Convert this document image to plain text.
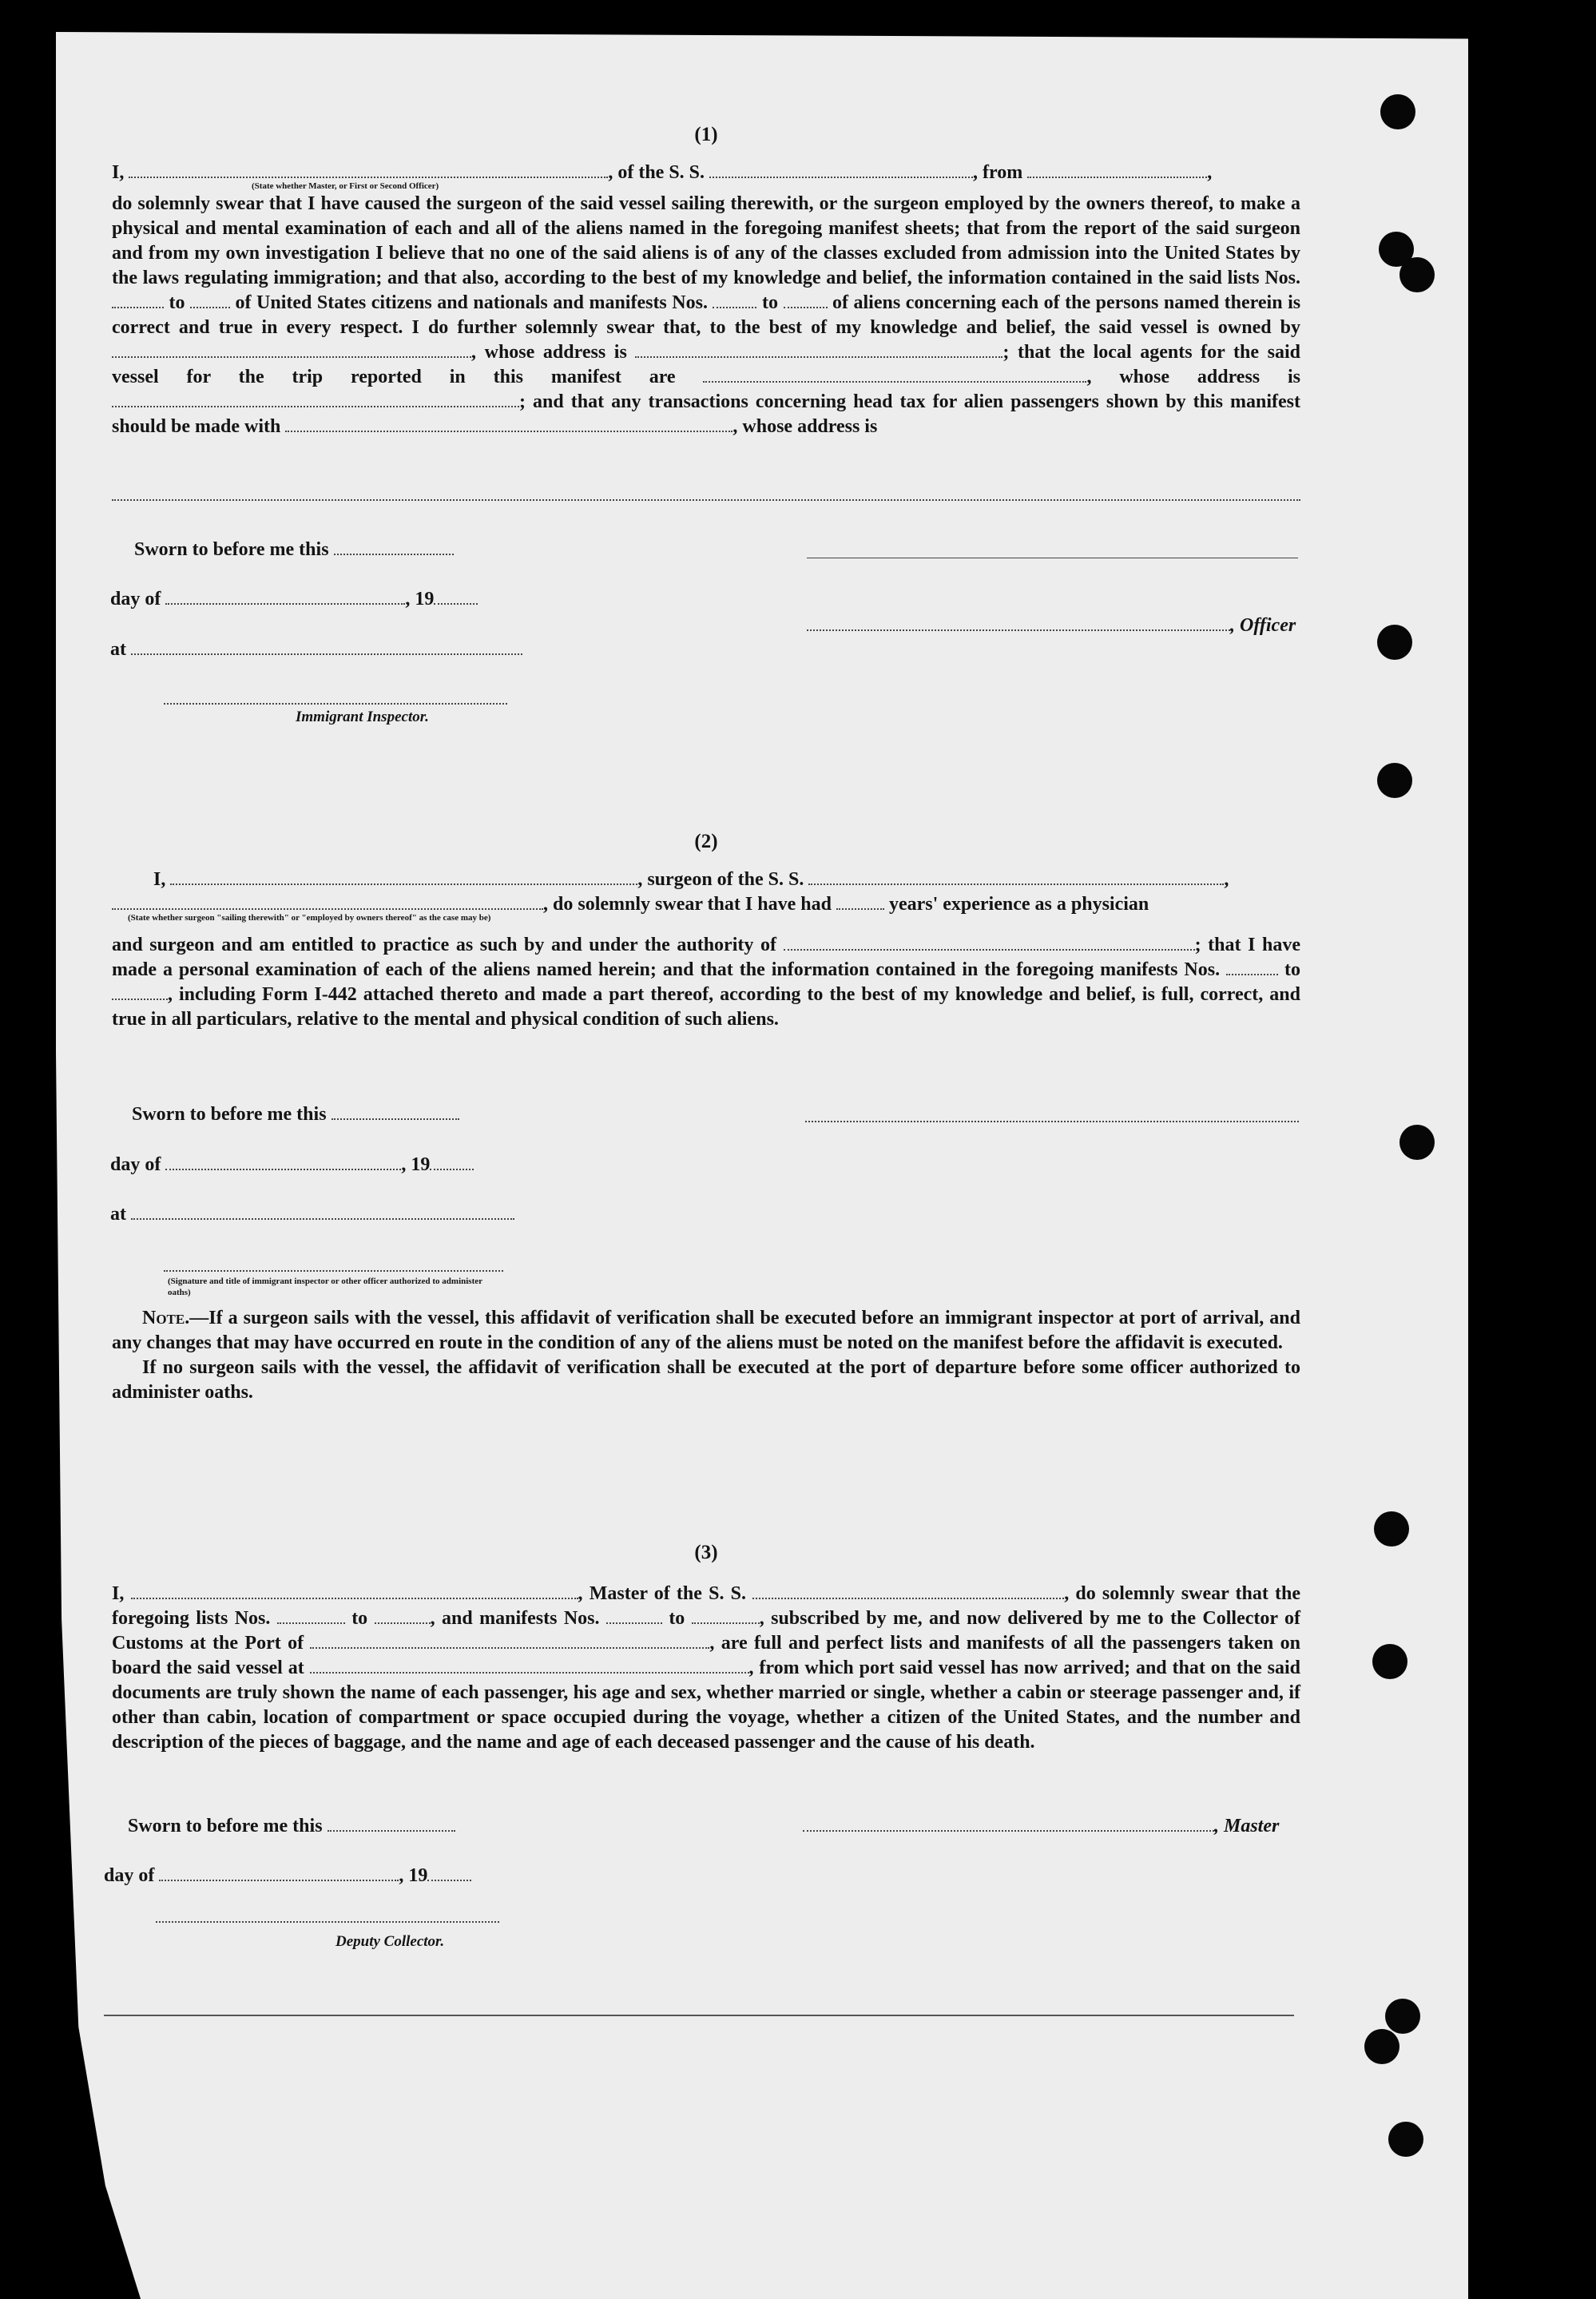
(1)

I,	, of the S. S.	, from	,

(State whether Master, or First or Second Officer)

do solemnly swear that I have caused the surgeon of the said vessel sailing therewith, or the surgeon employed by the owners thereof, to make a physical and mental examination of each and all of the aliens named in the foregoing manifest sheets; that from the report of the said surgeon and from my own investigation I believe that no one of the said aliens is of any of the classes excluded from admission into the United States by the laws regulating immigration; and that also, according to the best of my knowledge and belief, the information contained in the said lists Nos.  to	of United States citizens and nationals and manifests Nos.	to	of aliens concerning each of the persons named therein is correct and true in every respect. I do further solemnly swear that, to the best of my knowledge and belief, the said vessel is owned by , whose address is	; that the local agents for the said vessel for the trip reported in this manifest are	, whose address is ; and that any transactions concerning head tax for alien passengers shown by this manifest should be made with	, whose address is

Sworn to before me this
day of	, 19
at
Immigrant Inspector.
, Officer
(2)

I,	, surgeon of the S. S.	,

, do solemnly swear that I have had	years' experience as a physician

(State whether surgeon "sailing therewith" or "employed by owners thereof" as the case may be)

and surgeon and am entitled to practice as such by and under the authority of	; that I have made a personal examination of each of the aliens named herein; and that the information contained in the foregoing manifests Nos.	to , including Form I-442 attached thereto and made a part thereof, according to the best of my knowledge and belief, is full, correct, and true in all particulars, relative to the mental and physical condition of such aliens.

Sworn to before me this
day of	, 19
at
(Signature and title of immigrant inspector or other officer authorized to administer oaths)

Note.—If a surgeon sails with the vessel, this affidavit of verification shall be executed before an immigrant inspector at port of arrival, and any changes that may have occurred en route in the condition of any of the aliens must be noted on the manifest before the affidavit is executed.

If no surgeon sails with the vessel, the affidavit of verification shall be executed at the port of departure before some officer authorized to administer oaths.

(3)

I,	, Master of the S. S.	, do solemnly swear that the foregoing lists Nos.	to	, and manifests Nos.	to	, subscribed by me, and now delivered by me to the Collector of Customs at the Port of	, are full and perfect lists and manifests of all the passengers taken on board the said vessel at	, from which port said vessel has now arrived; and that on the said documents are truly shown the name of each passenger, his age and sex, whether married or single, whether a cabin or steerage passenger and, if other than cabin, location of compartment or space occupied during the voyage, whether a citizen of the United States, and the number and description of the pieces of baggage, and the name and age of each deceased passenger and the cause of his death.

Sworn to before me this	, Master
day of	, 19
Deputy Collector.
